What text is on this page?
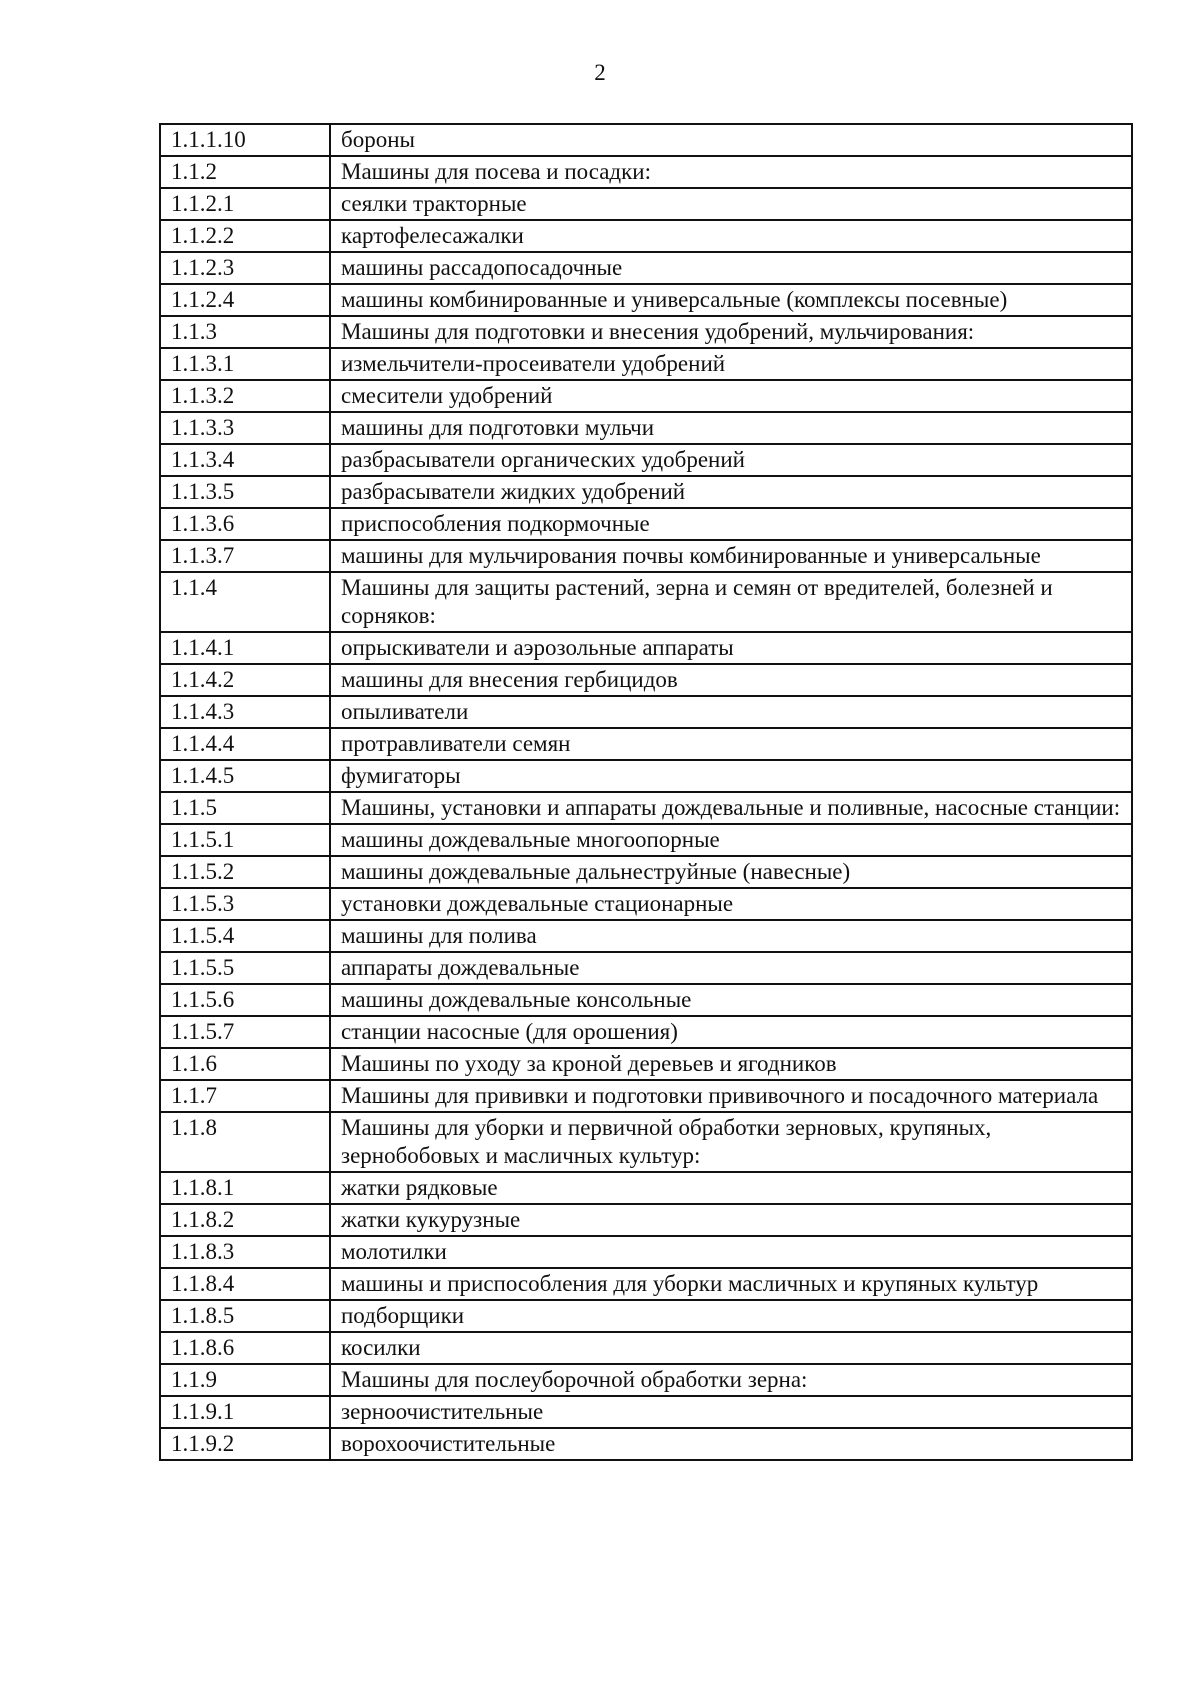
2
1.1.1.10	бороны
1.1.2	Машины для посева и посадки:
1.1.2.1	сеялки тракторные
1.1.2.2	картофелесажалки
1.1.2.3	машины рассадопосадочные
1.1.2.4	машины комбинированные и универсальные (комплексы посевные)
1.1.3	Машины для подготовки и внесения удобрений, мульчирования:
1.1.3.1	измельчители-просеиватели удобрений
1.1.3.2	смесители удобрений
1.1.3.3	машины для подготовки мульчи
1.1.3.4	разбрасыватели органических удобрений
1.1.3.5	разбрасыватели жидких удобрений
1.1.3.6	приспособления подкормочные
1.1.3.7	машины для мульчирования почвы комбинированные и универсальные
1.1.4	Машины для защиты растений, зерна и семян от вредителей, болезней и сорняков:
1.1.4.1	опрыскиватели и аэрозольные аппараты
1.1.4.2	машины для внесения гербицидов
1.1.4.3	опыливатели
1.1.4.4	протравливатели семян
1.1.4.5	фумигаторы
1.1.5	Машины, установки и аппараты дождевальные и поливные, насосные станции:
1.1.5.1	машины дождевальные многоопорные
1.1.5.2	машины дождевальные дальнеструйные (навесные)
1.1.5.3	установки дождевальные стационарные
1.1.5.4	машины для полива
1.1.5.5	аппараты дождевальные
1.1.5.6	машины дождевальные консольные
1.1.5.7	станции насосные (для орошения)
1.1.6	Машины по уходу за кроной деревьев и ягодников
1.1.7	Машины для прививки и подготовки прививочного и посадочного материала
1.1.8	Машины для уборки и первичной обработки зерновых, крупяных, зернобобовых и масличных культур:
1.1.8.1	жатки рядковые
1.1.8.2	жатки кукурузные
1.1.8.3	молотилки
1.1.8.4	машины и приспособления для уборки масличных и крупяных культур
1.1.8.5	подборщики
1.1.8.6	косилки
1.1.9	Машины для послеуборочной обработки зерна:
1.1.9.1	зерноочистительные
1.1.9.2	ворохоочистительные
